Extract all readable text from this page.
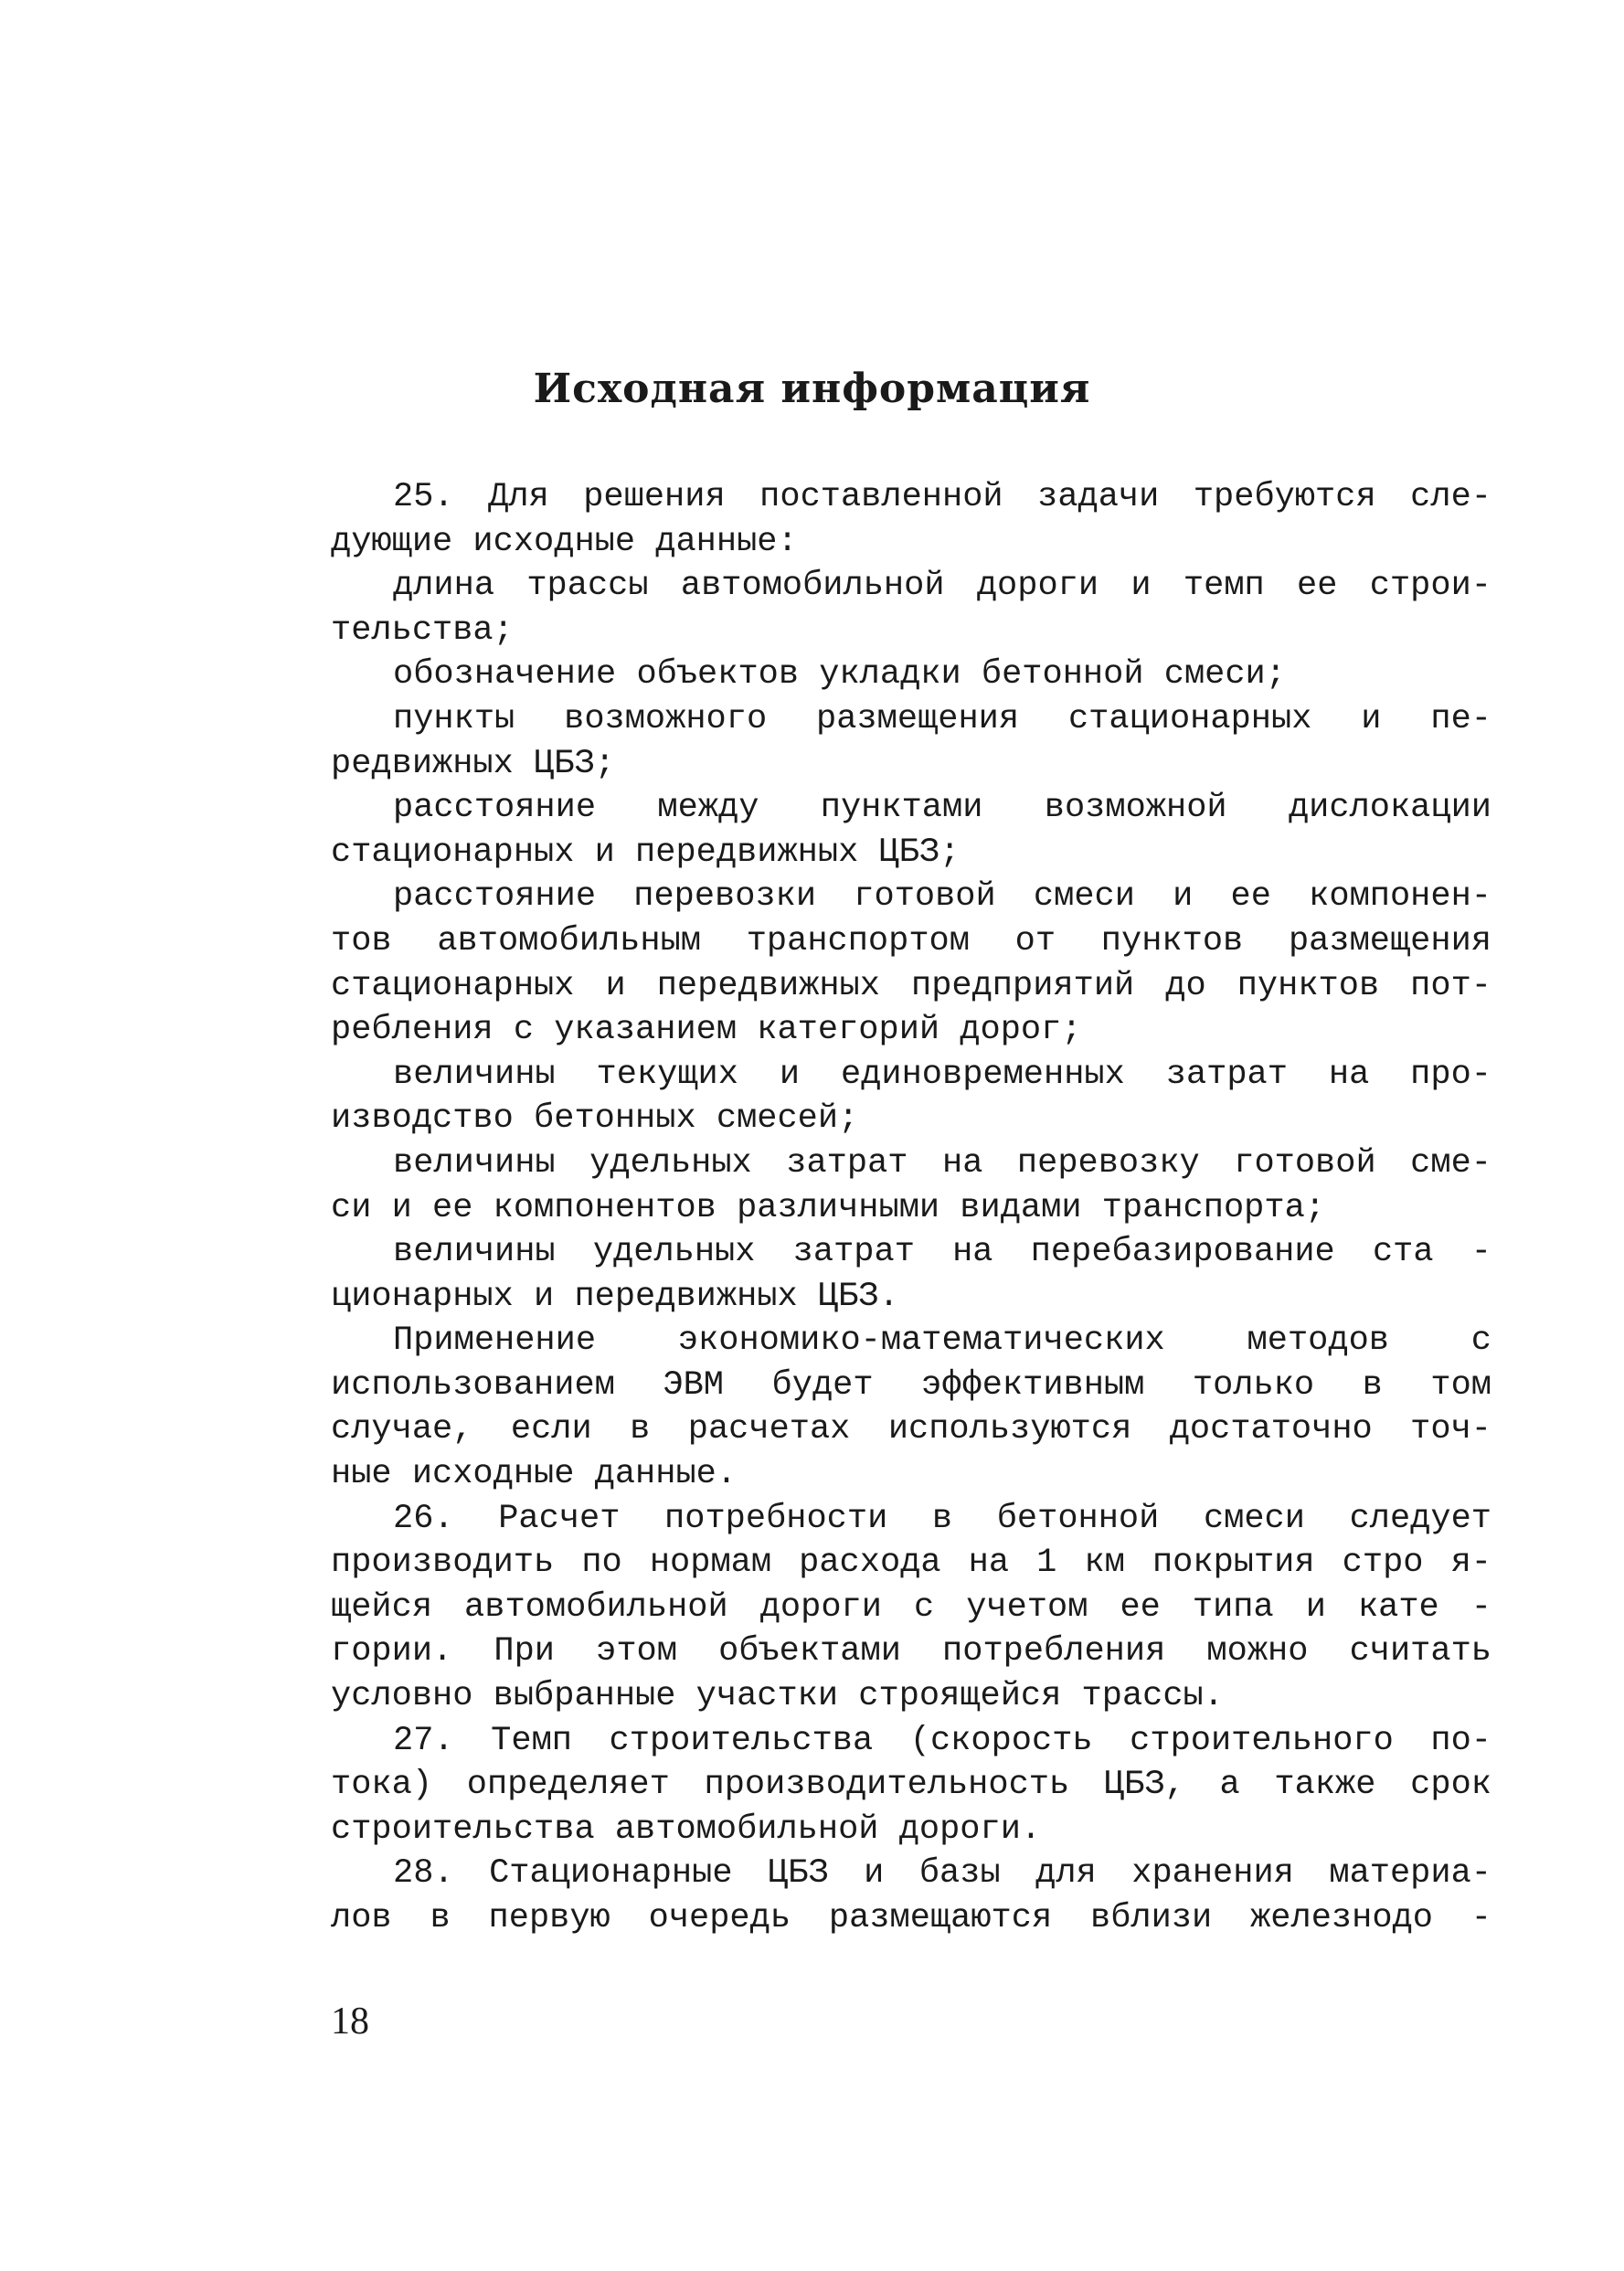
Исходная информация
25. Для решения поставленной задачи требуются сле-
дующие исходные данные:
длина трассы автомобильной дороги и темп ее строи-
тельства;
обозначение объектов укладки бетонной смеси;
пункты возможного размещения стационарных и пе-
редвижных ЦБЗ;
расстояние между пунктами возможной дислокации
стационарных и передвижных ЦБЗ;
расстояние перевозки готовой смеси и ее компонен-
тов автомобильным транспортом от пунктов размещения
стационарных и передвижных предприятий до пунктов пот-
ребления с указанием категорий дорог;
величины текущих и единовременных затрат на про-
изводство бетонных смесей;
величины удельных затрат на перевозку готовой сме-
си и ее компонентов различными видами транспорта;
величины удельных затрат на перебазирование ста -
ционарных и передвижных ЦБЗ.
Применение экономико-математических методов с
использованием ЭВМ будет эффективным только в том
случае, если в расчетах используются достаточно точ-
ные исходные данные.
26. Расчет потребности в бетонной смеси следует
производить по нормам расхода на 1 км покрытия стро я-
щейся автомобильной дороги с учетом ее типа и кате -
гории. При этом объектами потребления можно считать
условно выбранные участки строящейся трассы.
27. Темп строительства (скорость строительного по-
тока) определяет производительность ЦБЗ, а также срок
строительства автомобильной дороги.
28. Стационарные ЦБЗ и базы для хранения материа-
лов в первую очередь размещаются вблизи железнодо -
18
